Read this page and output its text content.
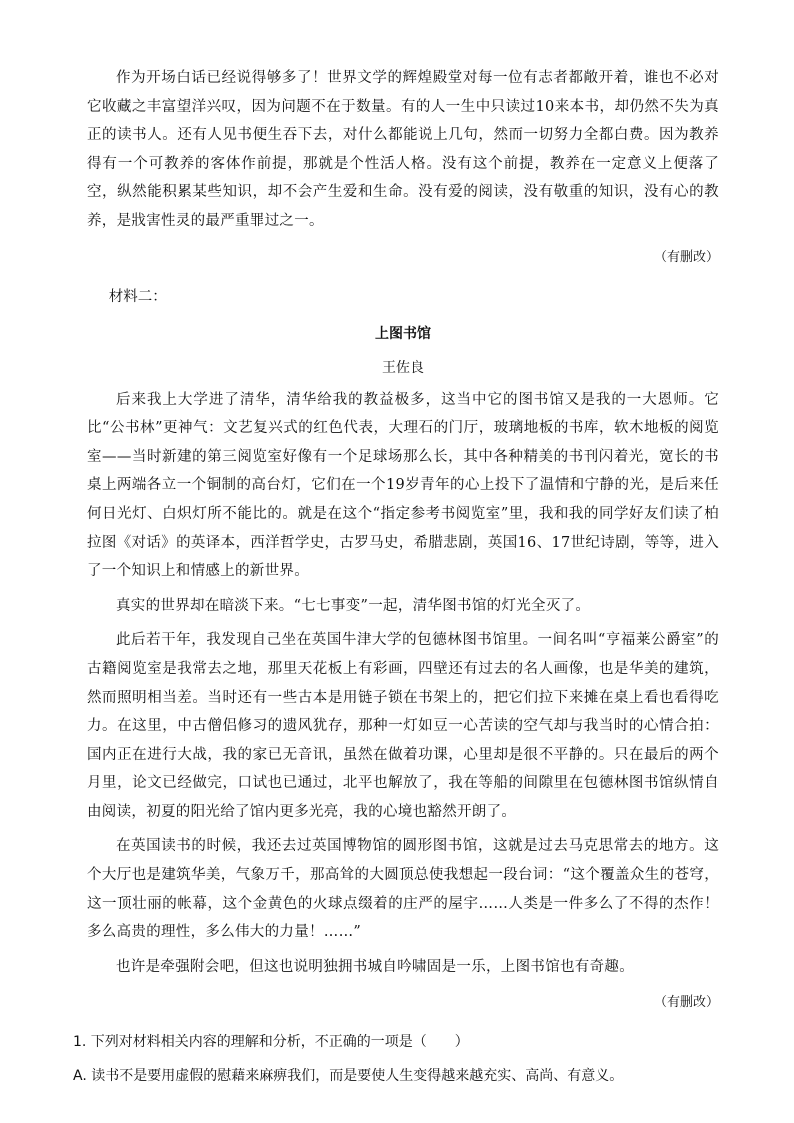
作为开场白话已经说得够多了！世界文学的辉煌殿堂对每一位有志者都敞开着，谁也不必对它收藏之丰富望洋兴叹，因为问题不在于数量。有的人一生中只读过10来本书，却仍然不失为真正的读书人。还有人见书便生吞下去，对什么都能说上几句，然而一切努力全都白费。因为教养得有一个可教养的客体作前提，那就是个性活人格。没有这个前提，教养在一定意义上便落了空，纵然能积累某些知识，却不会产生爱和生命。没有爱的阅读，没有敬重的知识，没有心的教养，是戕害性灵的最严重罪过之一。

（有删改）
材料二：
上图书馆
王佐良

后来我上大学进了清华，清华给我的教益极多，这当中它的图书馆又是我的一大恩师。它比“公书林”更神气：文艺复兴式的红色代表，大理石的门厅，玻璃地板的书库，软木地板的阅览室——当时新建的第三阅览室好像有一个足球场那么长，其中各种精美的书刊闪着光，宽长的书桌上两端各立一个铜制的高台灯，它们在一个19岁青年的心上投下了温情和宁静的光，是后来任何日光灯、白炽灯所不能比的。就是在这个“指定参考书阅览室”里，我和我的同学好友们读了柏拉图《对话》的英译本，西洋哲学史，古罗马史，希腊悲剧，英国16、17世纪诗剧，等等，进入了一个知识上和情感上的新世界。

真实的世界却在暗淡下来。“七七事变”一起，清华图书馆的灯光全灭了。

此后若干年，我发现自己坐在英国牛津大学的包德林图书馆里。一间名叫“亨福莱公爵室”的古籍阅览室是我常去之地，那里天花板上有彩画，四壁还有过去的名人画像，也是华美的建筑，然而照明相当差。当时还有一些古本是用链子锁在书架上的，把它们拉下来摊在桌上看也看得吃力。在这里，中古僧侣修习的遗风犹存，那种一灯如豆一心苦读的空气却与我当时的心情合拍：国内正在进行大战，我的家已无音讯，虽然在做着功课，心里却是很不平静的。只在最后的两个月里，论文已经做完，口试也已通过，北平也解放了，我在等船的间隙里在包德林图书馆纵情自由阅读，初夏的阳光给了馆内更多光亮，我的心境也豁然开朗了。

在英国读书的时候，我还去过英国博物馆的圆形图书馆，这就是过去马克思常去的地方。这个大厅也是建筑华美，气象万千，那高耸的大圆顶总使我想起一段台词：“这个覆盖众生的苍穹，这一顶壮丽的帐幕，这个金黄色的火球点缀着的庄严的屋宇……人类是一件多么了不得的杰作！多么高贵的理性，多么伟大的力量！……”

也许是牵强附会吧，但这也说明独拥书城自吟啸固是一乐，上图书馆也有奇趣。

（有删改）
1. 下列对材料相关内容的理解和分析，不正确的一项是（　　）
A. 读书不是要用虚假的慰藉来麻痹我们，而是要使人生变得越来越充实、高尚、有意义。
